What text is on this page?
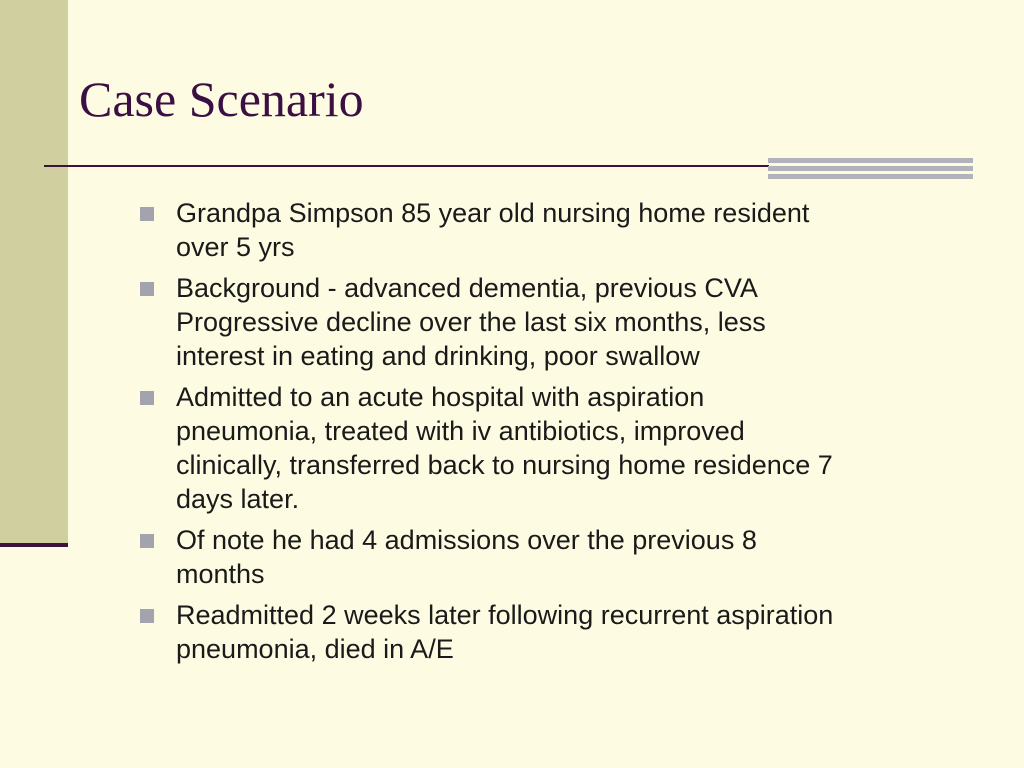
Case Scenario
Grandpa Simpson 85 year old nursing home resident
over 5 yrs
Background - advanced dementia, previous CVA
Progressive decline over the last six months, less
interest in eating and drinking, poor swallow
Admitted to an acute hospital with aspiration
pneumonia, treated with iv antibiotics, improved
clinically, transferred back to nursing home residence 7
days later.
Of note he had 4 admissions over the previous 8
months
Readmitted 2 weeks later following recurrent aspiration
pneumonia, died in A/E
